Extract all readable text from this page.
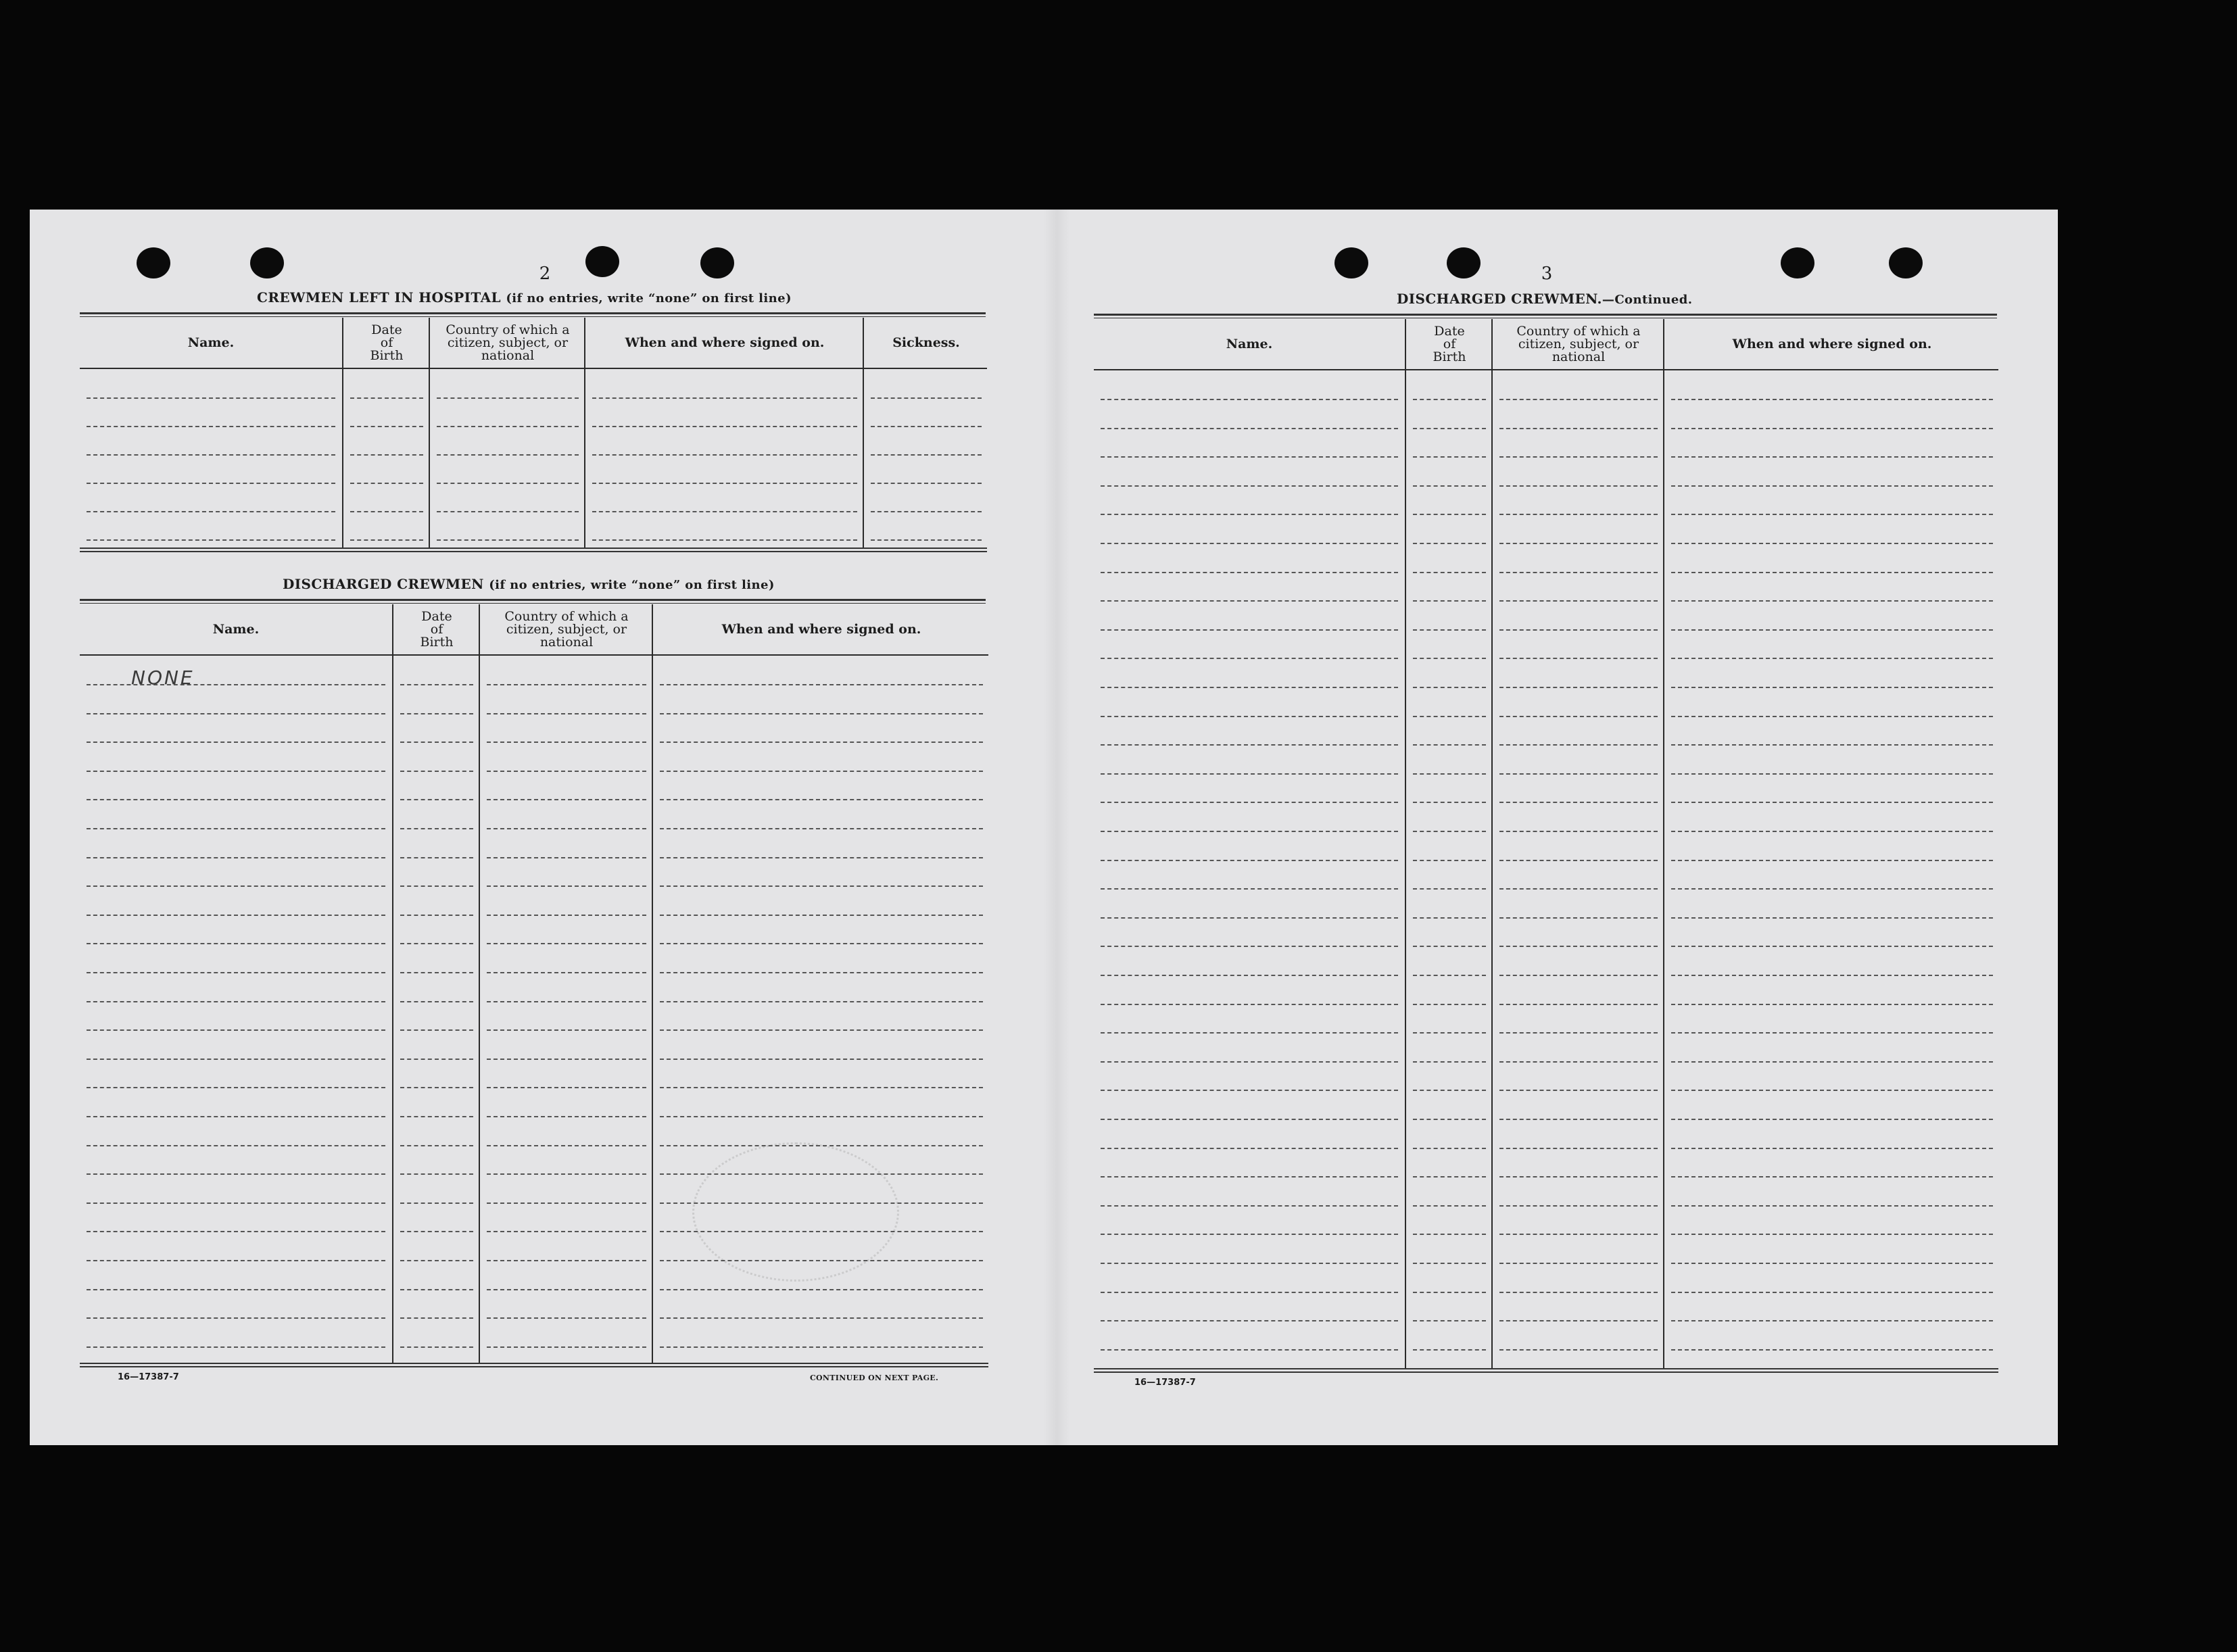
2
CREWMEN LEFT IN HOSPITAL (if no entries, write “none” on first line)
Name.
Date
of
Birth
Country of which a
citizen, subject, or
national
When and where signed on.	Sickness.
DISCHARGED CREWMEN (if no entries, write “none” on first line)
Name.
Date
of
Birth
Country of which a
citizen, subject, or
national
When and where signed on.
NONE
16—17387-7	CONTINUED ON NEXT PAGE.
3
DISCHARGED CREWMEN.—Continued.
Name.
Date
of
Birth
Country of which a
citizen, subject, or
national
When and where signed on.
16—17387-7
